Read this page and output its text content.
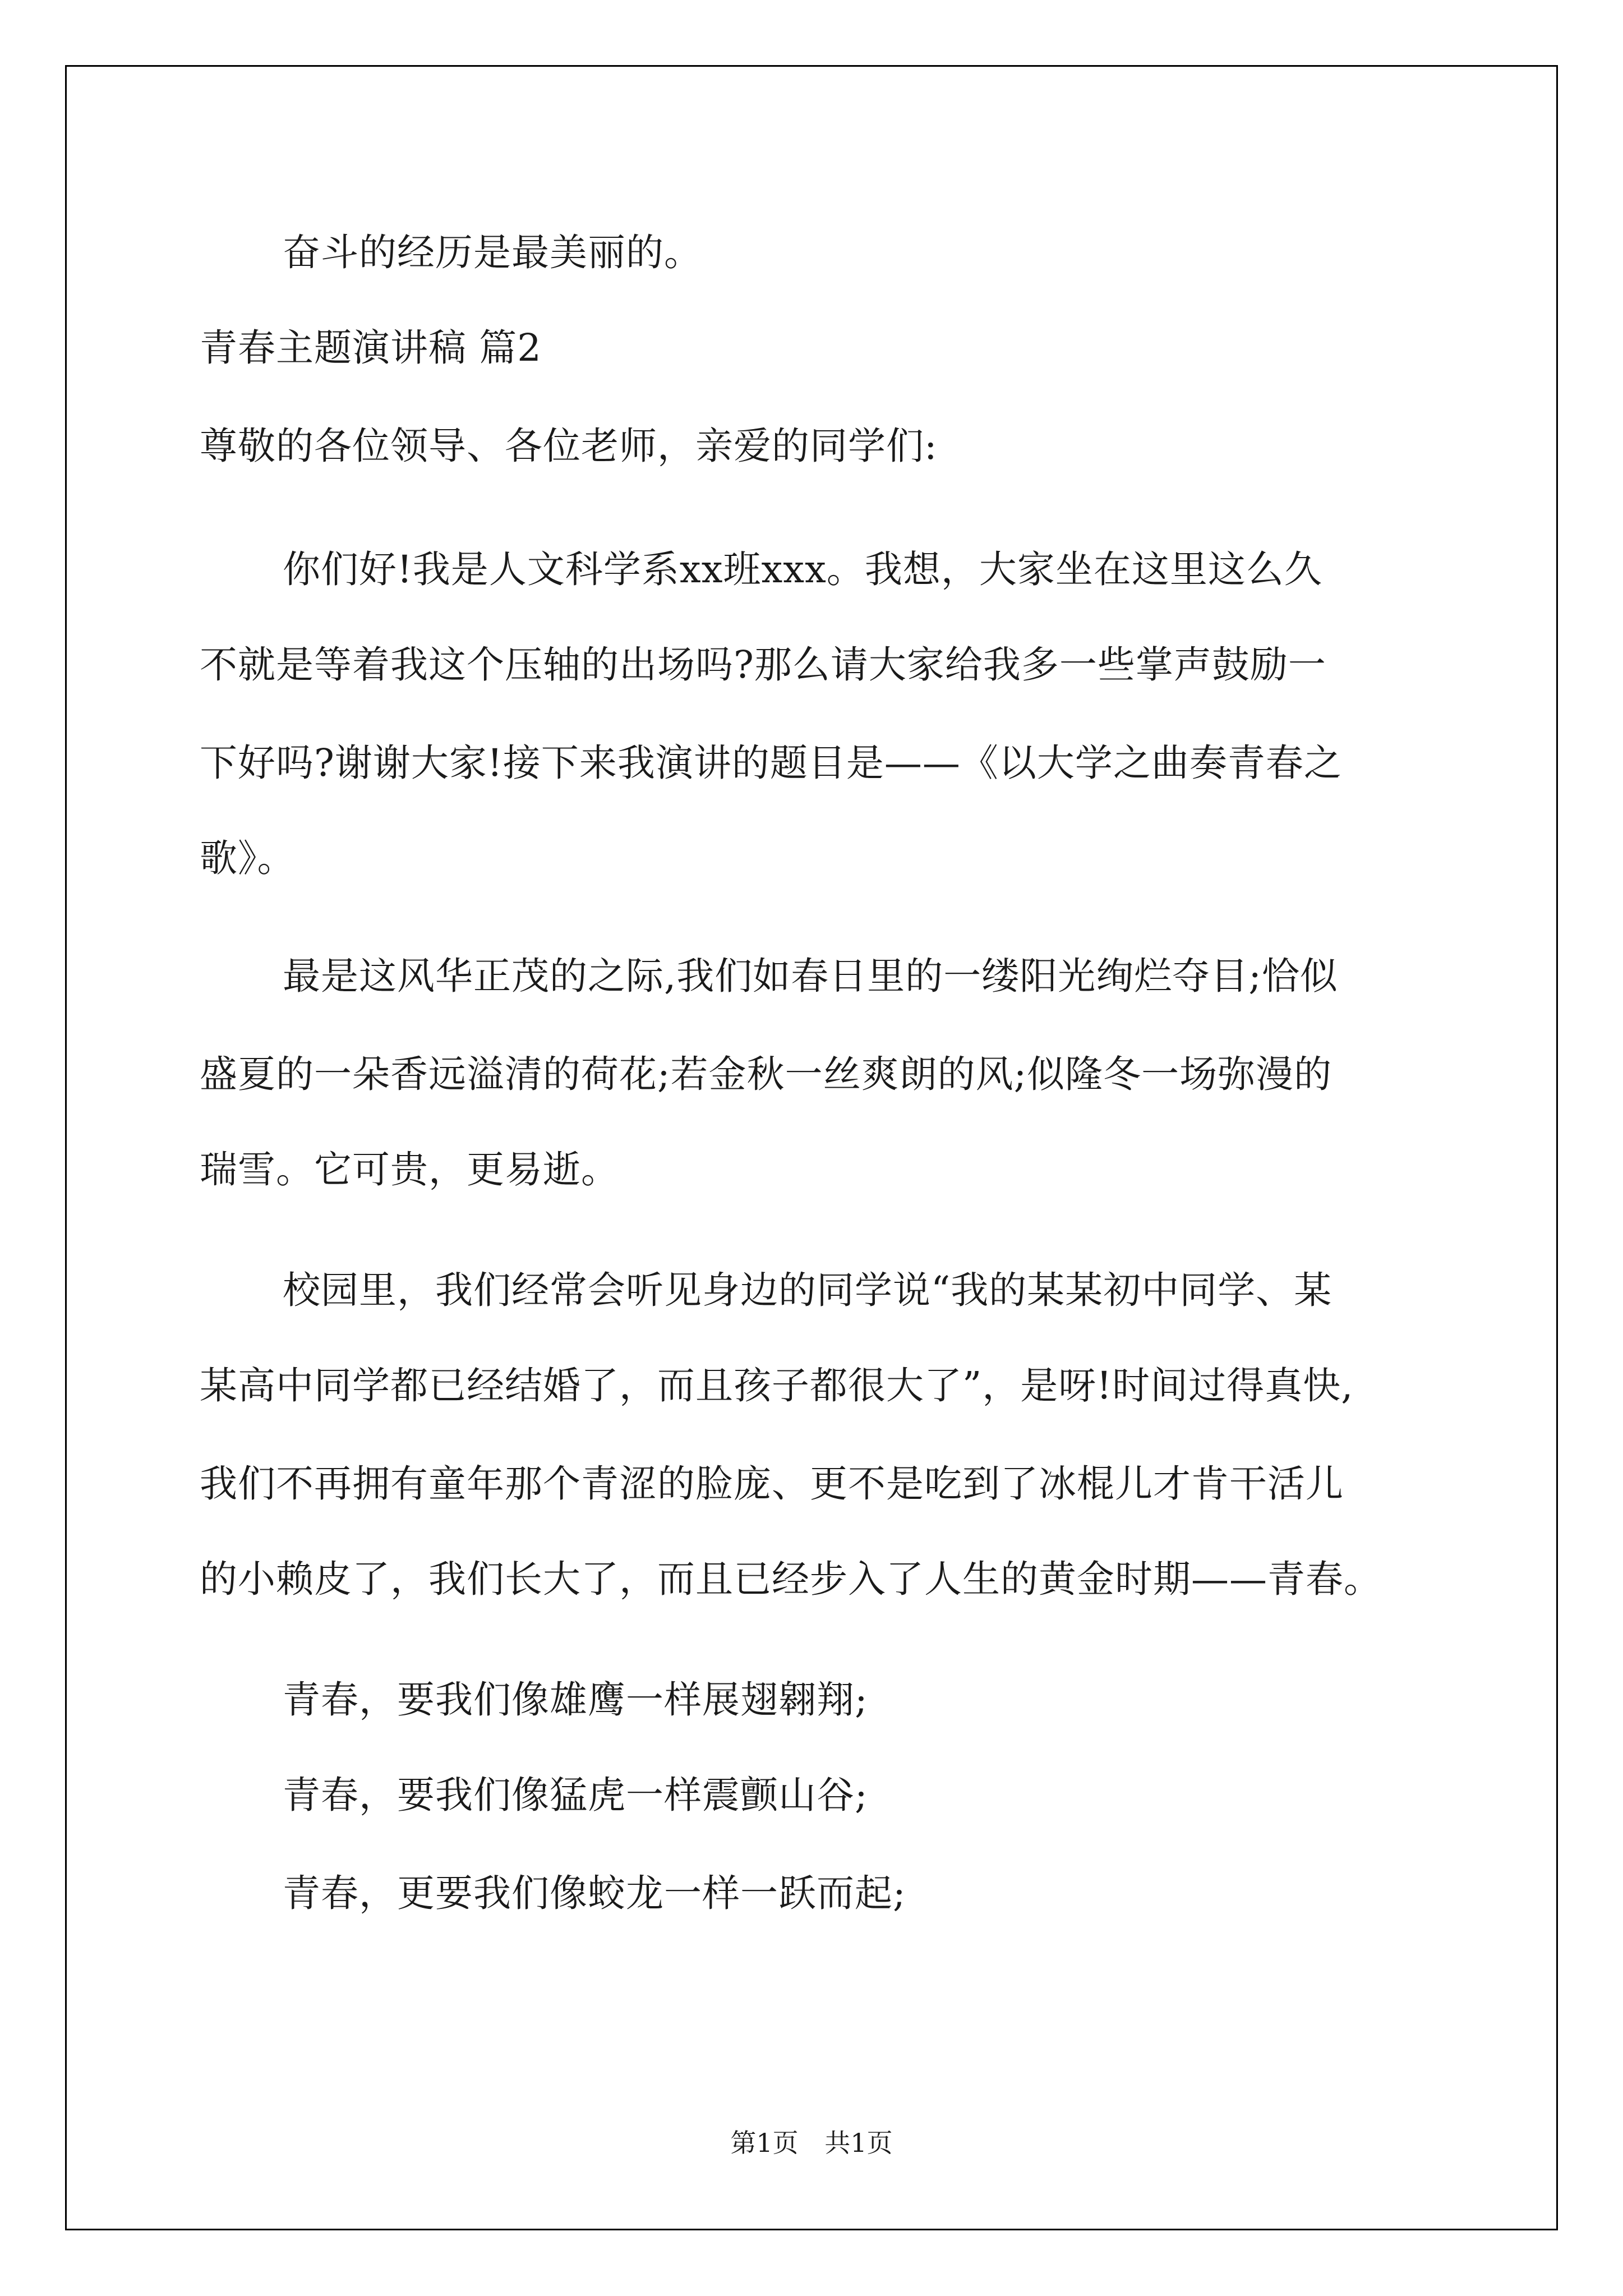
奋斗的经历是最美丽的。
青春主题演讲稿 篇2
尊敬的各位领导、各位老师，亲爱的同学们:
你们好!我是人文科学系xx班xxx。我想，大家坐在这里这么久
不就是等着我这个压轴的出场吗?那么请大家给我多一些掌声鼓励一
下好吗?谢谢大家!接下来我演讲的题目是——《以大学之曲奏青春之
歌》。
最是这风华正茂的之际,我们如春日里的一缕阳光绚烂夺目;恰似
盛夏的一朵香远溢清的荷花;若金秋一丝爽朗的风;似隆冬一场弥漫的
瑞雪。它可贵，更易逝。
校园里，我们经常会听见身边的同学说“我的某某初中同学、某
某高中同学都已经结婚了，而且孩子都很大了”，是呀!时间过得真快,
我们不再拥有童年那个青涩的脸庞、更不是吃到了冰棍儿才肯干活儿
的小赖皮了，我们长大了，而且已经步入了人生的黄金时期——青春。
青春，要我们像雄鹰一样展翅翱翔;
青春，要我们像猛虎一样震颤山谷;
青春，更要我们像蛟龙一样一跃而起;
第1页 共1页
